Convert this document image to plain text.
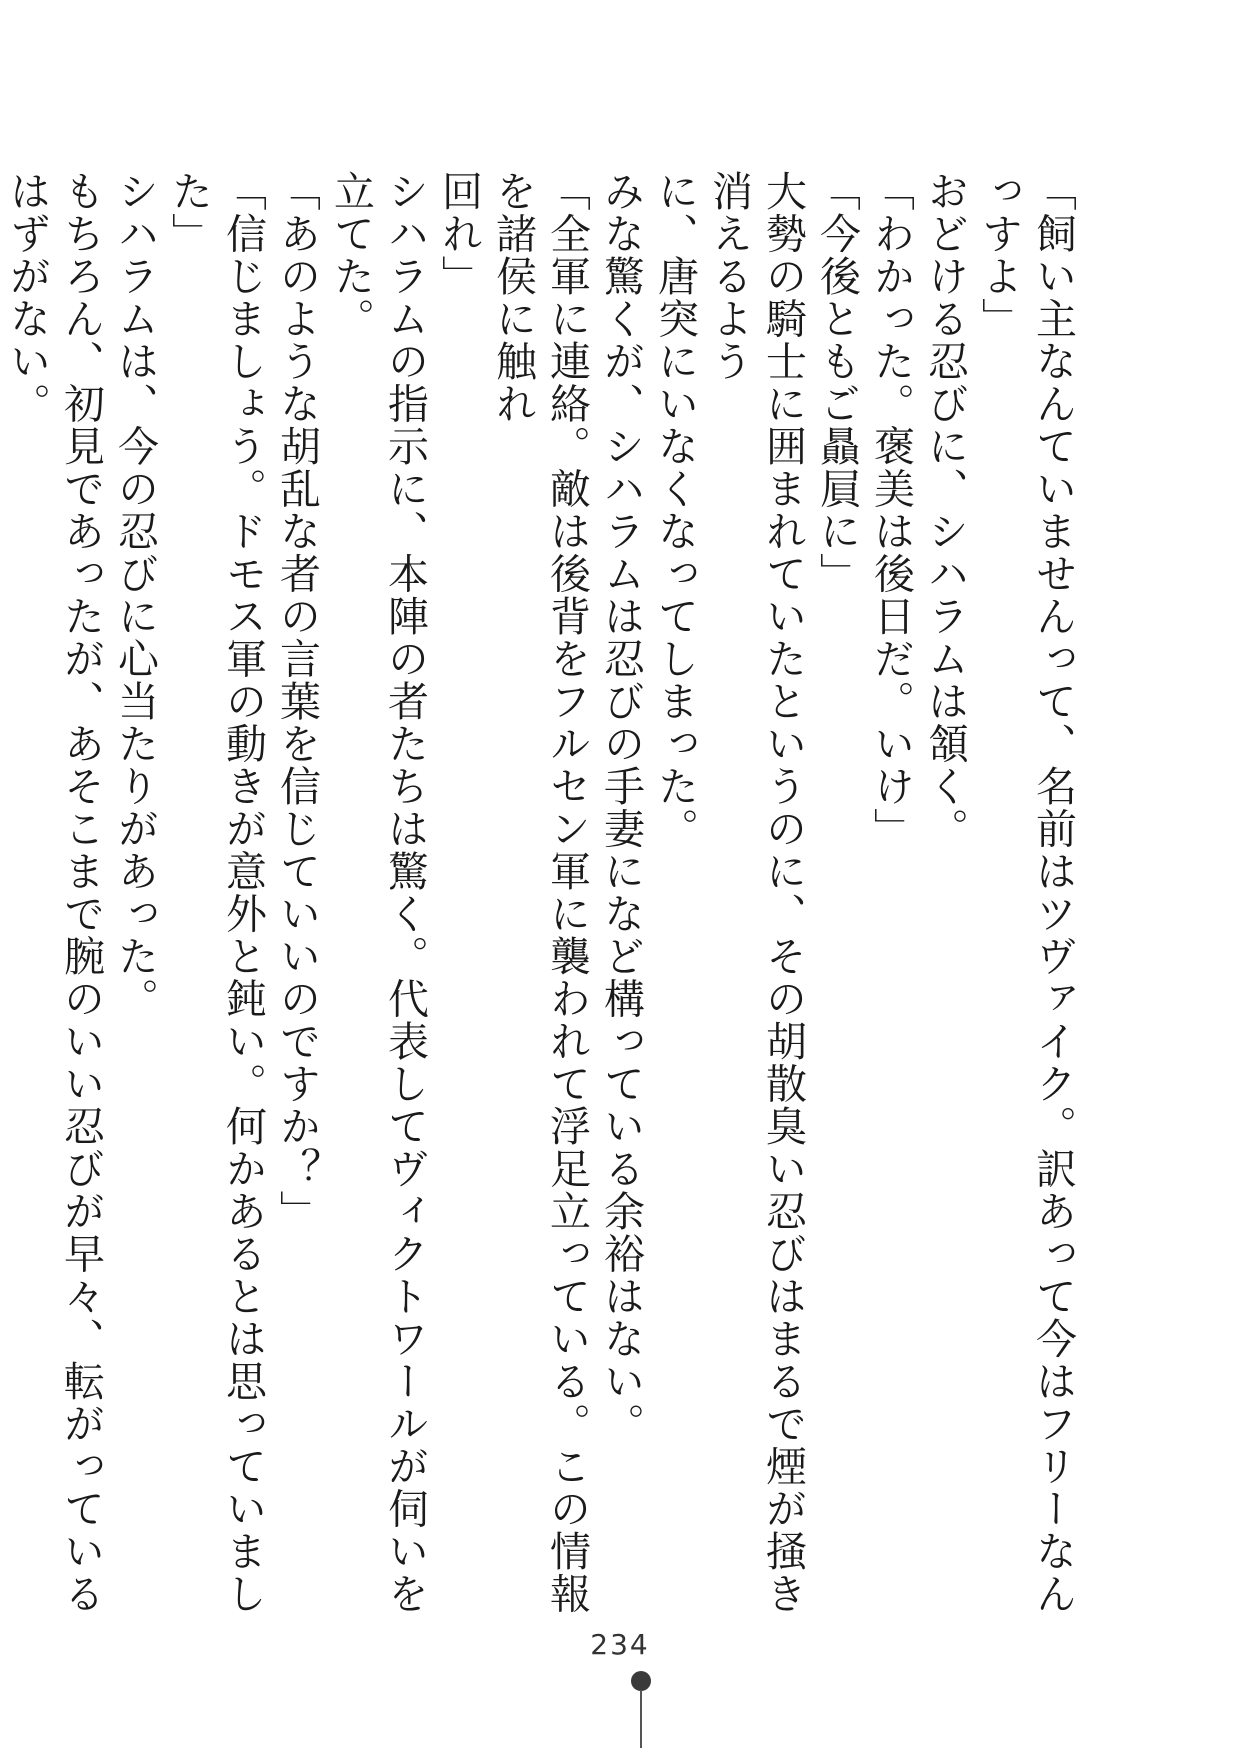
「飼い主なんていませんって、名前はツヴァイク。訳あって今はフリーなんっすよ」

おどける忍びに、シハラムは頷く。

「わかった。褒美は後日だ。いけ」

「今後ともご贔屓に」

大勢の騎士に囲まれていたというのに、その胡散臭い忍びはまるで煙が掻き消えるよう

に、唐突にいなくなってしまった。

みな驚くが、シハラムは忍びの手妻になど構っている余裕はない。

「全軍に連絡。敵は後背をフルセン軍に襲われて浮足立っている。この情報を諸侯に触れ

回れ」

シハラムの指示に、本陣の者たちは驚く。代表してヴィクトワールが伺いを立てた。

「あのような胡乱な者の言葉を信じていいのですか？」

「信じましょう。ドモス軍の動きが意外と鈍い。何かあるとは思っていました」

シハラムは、今の忍びに心当たりがあった。

もちろん、初見であったが、あそこまで腕のいい忍びが早々、転がっているはずがない。

234
